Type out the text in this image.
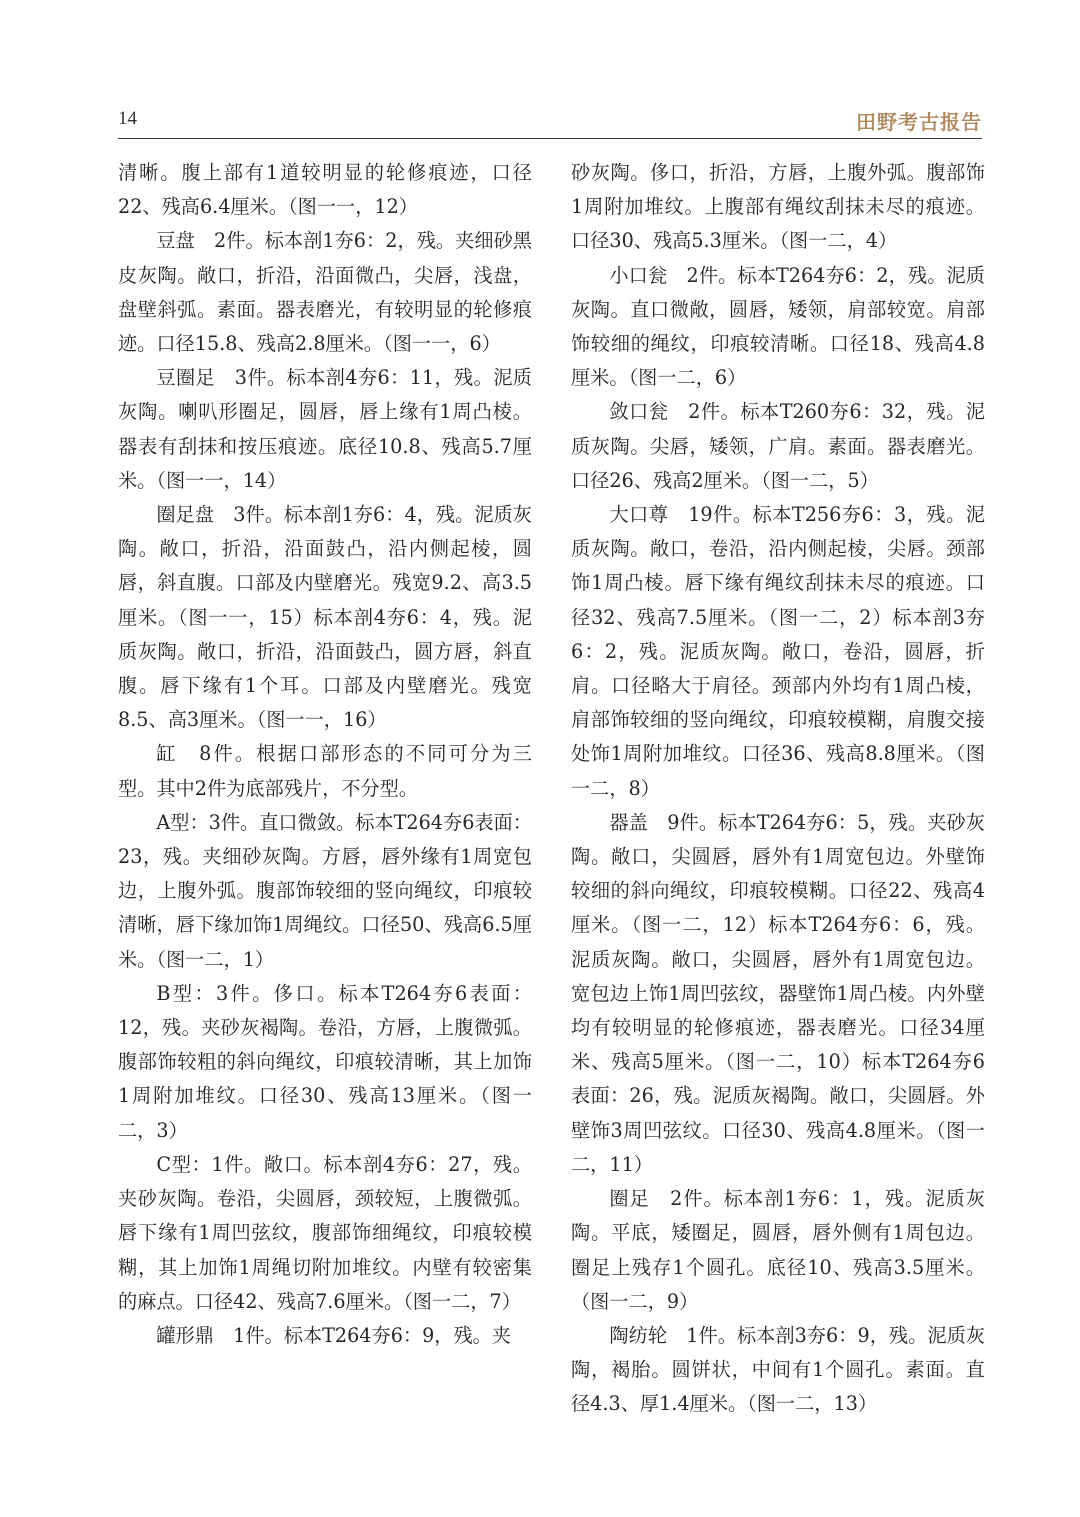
14	田野考古报告

清晰。腹上部有1道较明显的轮修痕迹，口径22、残高6.4厘米。（图一一，12）

豆盘　2件。标本剖1夯6：2，残。夹细砂黑皮灰陶。敞口，折沿，沿面微凸，尖唇，浅盘，盘壁斜弧。素面。器表磨光，有较明显的轮修痕迹。口径15.8、残高2.8厘米。（图一一，6）

豆圈足　3件。标本剖4夯6：11，残。泥质灰陶。喇叭形圈足，圆唇，唇上缘有1周凸棱。器表有刮抹和按压痕迹。底径10.8、残高5.7厘米。（图一一，14）

圈足盘　3件。标本剖1夯6：4，残。泥质灰陶。敞口，折沿，沿面鼓凸，沿内侧起棱，圆唇，斜直腹。口部及内壁磨光。残宽9.2、高3.5厘米。（图一一，15）标本剖4夯6：4，残。泥质灰陶。敞口，折沿，沿面鼓凸，圆方唇，斜直腹。唇下缘有1个耳。口部及内壁磨光。残宽8.5、高3厘米。（图一一，16）

缸　8件。根据口部形态的不同可分为三型。其中2件为底部残片，不分型。

A型：3件。直口微敛。标本T264夯6表面：23，残。夹细砂灰陶。方唇，唇外缘有1周宽包边，上腹外弧。腹部饰较细的竖向绳纹，印痕较清晰，唇下缘加饰1周绳纹。口径50、残高6.5厘米。（图一二，1）

B型：3件。侈口。标本T264夯6表面：12，残。夹砂灰褐陶。卷沿，方唇，上腹微弧。腹部饰较粗的斜向绳纹，印痕较清晰，其上加饰1周附加堆纹。口径30、残高13厘米。（图一二，3）

C型：1件。敞口。标本剖4夯6：27，残。夹砂灰陶。卷沿，尖圆唇，颈较短，上腹微弧。唇下缘有1周凹弦纹，腹部饰细绳纹，印痕较模糊，其上加饰1周绳切附加堆纹。内壁有较密集的麻点。口径42、残高7.6厘米。（图一二，7）

罐形鼎　1件。标本T264夯6：9，残。夹

砂灰陶。侈口，折沿，方唇，上腹外弧。腹部饰1周附加堆纹。上腹部有绳纹刮抹未尽的痕迹。口径30、残高5.3厘米。（图一二，4）

小口瓮　2件。标本T264夯6：2，残。泥质灰陶。直口微敞，圆唇，矮领，肩部较宽。肩部饰较细的绳纹，印痕较清晰。口径18、残高4.8厘米。（图一二，6）

敛口瓮　2件。标本T260夯6：32，残。泥质灰陶。尖唇，矮领，广肩。素面。器表磨光。口径26、残高2厘米。（图一二，5）

大口尊　19件。标本T256夯6：3，残。泥质灰陶。敞口，卷沿，沿内侧起棱，尖唇。颈部饰1周凸棱。唇下缘有绳纹刮抹未尽的痕迹。口径32、残高7.5厘米。（图一二，2）标本剖3夯6：2，残。泥质灰陶。敞口，卷沿，圆唇，折肩。口径略大于肩径。颈部内外均有1周凸棱，肩部饰较细的竖向绳纹，印痕较模糊，肩腹交接处饰1周附加堆纹。口径36、残高8.8厘米。（图一二，8）

器盖　9件。标本T264夯6：5，残。夹砂灰陶。敞口，尖圆唇，唇外有1周宽包边。外壁饰较细的斜向绳纹，印痕较模糊。口径22、残高4厘米。（图一二，12）标本T264夯6：6，残。泥质灰陶。敞口，尖圆唇，唇外有1周宽包边。宽包边上饰1周凹弦纹，器壁饰1周凸棱。内外壁均有较明显的轮修痕迹，器表磨光。口径34厘米、残高5厘米。（图一二，10）标本T264夯6表面：26，残。泥质灰褐陶。敞口，尖圆唇。外壁饰3周凹弦纹。口径30、残高4.8厘米。（图一二，11）

圈足　2件。标本剖1夯6：1，残。泥质灰陶。平底，矮圈足，圆唇，唇外侧有1周包边。圈足上残存1个圆孔。底径10、残高3.5厘米。（图一二，9）

陶纺轮　1件。标本剖3夯6：9，残。泥质灰陶，褐胎。圆饼状，中间有1个圆孔。素面。直径4.3、厚1.4厘米。（图一二，13）
